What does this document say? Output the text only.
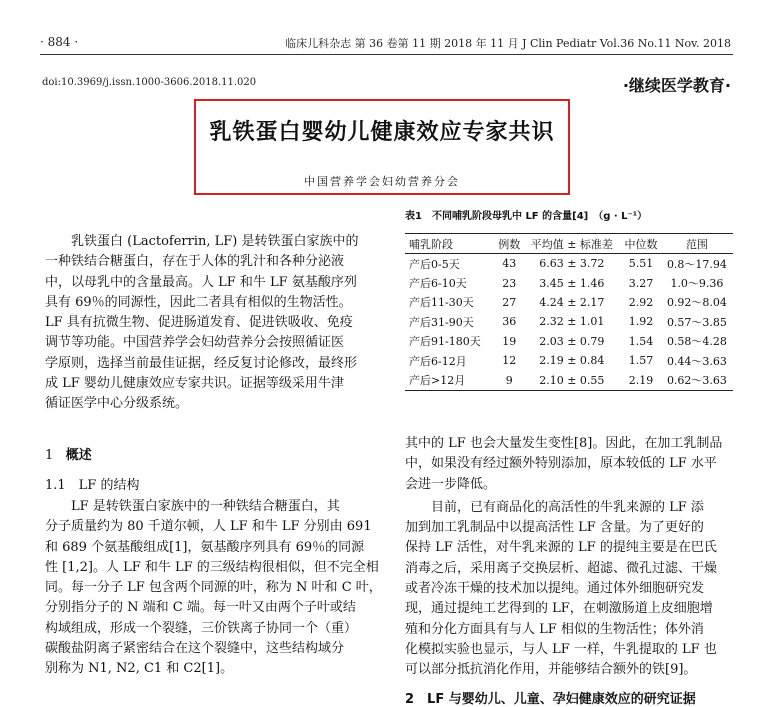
· 884 ·	临床儿科杂志 第 36 卷第 11 期 2018 年 11 月 J Clin Pediatr Vol.36 No.11 Nov. 2018
doi:10.3969/j.issn.1000-3606.2018.11.020	·继续医学教育·
乳铁蛋白婴幼儿健康效应专家共识
中国营养学会妇幼营养分会

乳铁蛋白 (Lactoferrin, LF) 是转铁蛋白家族中的

一种铁结合糖蛋白，存在于人体的乳汁和各种分泌液

中，以母乳中的含量最高。人 LF 和牛 LF 氨基酸序列

具有 69％的同源性，因此二者具有相似的生物活性。

LF 具有抗微生物、促进肠道发育、促进铁吸收、免疫

调节等功能。中国营养学会妇幼营养分会按照循证医

学原则，选择当前最佳证据，经反复讨论修改，最终形

成 LF 婴幼儿健康效应专家共识。证据等级采用牛津

循证医学中心分级系统。

1 概述
1.1　LF 的结构

LF 是转铁蛋白家族中的一种铁结合糖蛋白，其

分子质量约为 80 千道尔顿，人 LF 和牛 LF 分别由 691

和 689 个氨基酸组成[1]，氨基酸序列具有 69％的同源

性 [1,2]。人 LF 和牛 LF 的三级结构很相似，但不完全相

同。每一分子 LF 包含两个同源的叶，称为 N 叶和 C 叶，

分别指分子的 N 端和 C 端。每一叶又由两个子叶或结

构域组成，形成一个裂缝，三价铁离子协同一个（重）

碳酸盐阴离子紧密结合在这个裂缝中，这些结构域分

别称为 N1, N2, C1 和 C2[1]。

表1　不同哺乳阶段母乳中 LF 的含量[4]　（g · L⁻¹）
哺乳阶段	例数	平均值 ± 标准差	中位数	范围
产后0-5天	43	6.63 ± 3.72	5.51	0.8～17.94
产后6-10天	23	3.45 ± 1.46	3.27	1.0～9.36
产后11-30天	27	4.24 ± 2.17	2.92	0.92～8.04
产后31-90天	36	2.32 ± 1.01	1.92	0.57～3.85
产后91-180天	19	2.03 ± 0.79	1.54	0.58～4.28
产后6-12月	12	2.19 ± 0.84	1.57	0.44～3.63
产后>12月	9	2.10 ± 0.55	2.19	0.62～3.63

其中的 LF 也会大量发生变性[8]。因此，在加工乳制品

中，如果没有经过额外特别添加，原本较低的 LF 水平

会进一步降低。

目前，已有商品化的高活性的牛乳来源的 LF 添

加到加工乳制品中以提高活性 LF 含量。为了更好的

保持 LF 活性，对牛乳来源的 LF 的提纯主要是在巴氏

消毒之后，采用离子交换层析、超滤、微孔过滤、干燥

或者冷冻干燥的技术加以提纯。通过体外细胞研究发

现，通过提纯工艺得到的 LF，在刺激肠道上皮细胞增

殖和分化方面具有与人 LF 相似的生物活性；体外消

化模拟实验也显示，与人 LF 一样，牛乳提取的 LF 也

可以部分抵抗消化作用，并能够结合额外的铁[9]。

2　LF 与婴幼儿、儿童、孕妇健康效应的研究证据
